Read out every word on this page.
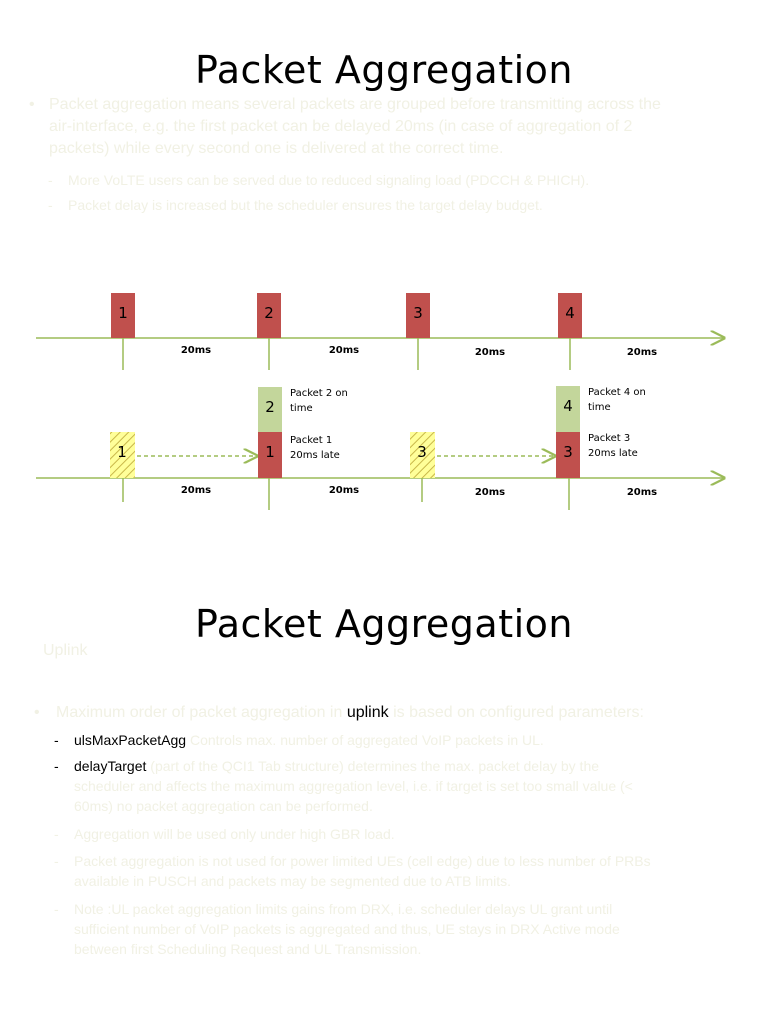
Packet Aggregation
• Packet aggregation means several packets are grouped before transmitting across the
air-interface, e.g. the first packet can be delayed 20ms (in case of aggregation of 2
packets) while every second one is delivered at the correct time.
- More VoLTE users can be served due to reduced signaling load (PDCCH & PHICH).
- Packet delay is increased but the scheduler ensures the target delay budget.
1	2	3	4
20ms	20ms	20ms	20ms
1	3
2
1
Packet 2 on
time
Packet 1
20ms late
4
3
Packet 4 on
time
Packet 3
20ms late
20ms	20ms	20ms	20ms
Packet Aggregation
Uplink
• Maximum order of packet aggregation in uplink is based on configured parameters:
- ulsMaxPacketAgg Controls max. number of aggregated VoIP packets in UL.
- delayTarget (part of the QCI1 Tab structure) determines the max. packet delay by the
scheduler and affects the maximum aggregation level, i.e. if target is set too small value (<
60ms) no packet aggregation can be performed.
- Aggregation will be used only under high GBR load.
- Packet aggregation is not used for power limited UEs (cell edge) due to less number of PRBs
available in PUSCH and packets may be segmented due to ATB limits.
- Note :UL packet aggregation limits gains from DRX, i.e. scheduler delays UL grant until
sufficient number of VoIP packets is aggregated and thus, UE stays in DRX Active mode
between first Scheduling Request and UL Transmission.
